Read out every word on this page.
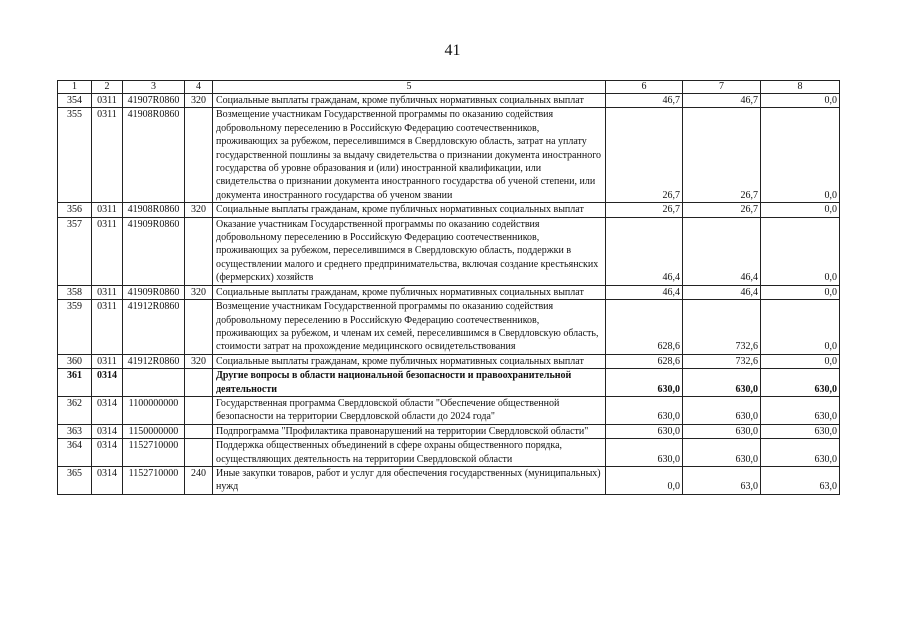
41
1	2	3	4	5	6	7	8
354	0311	41907R0860	320	Социальные выплаты гражданам, кроме публичных нормативных социальных выплат	46,7	46,7	0,0
355	0311	41908R0860		Возмещение участникам Государственной программы по оказанию содействия добровольному переселению в Российскую Федерацию соотечественников, проживающих за рубежом, переселившимся в Свердловскую область, затрат на уплату государственной пошлины за выдачу свидетельства о признании документа иностранного государства об уровне образования и (или) иностранной квалификации, или свидетельства о признании документа иностранного государства об ученой степени, или документа иностранного государства об ученом звании	26,7	26,7	0,0
356	0311	41908R0860	320	Социальные выплаты гражданам, кроме публичных нормативных социальных выплат	26,7	26,7	0,0
357	0311	41909R0860		Оказание участникам Государственной программы по оказанию содействия добровольному переселению в Российскую Федерацию соотечественников, проживающих за рубежом, переселившимся в Свердловскую область, поддержки в осуществлении малого и среднего предпринимательства, включая создание крестьянских (фермерских) хозяйств	46,4	46,4	0,0
358	0311	41909R0860	320	Социальные выплаты гражданам, кроме публичных нормативных социальных выплат	46,4	46,4	0,0
359	0311	41912R0860		Возмещение участникам Государственной программы по оказанию содействия добровольному переселению в Российскую Федерацию соотечественников, проживающих за рубежом, и членам их семей, переселившимся в Свердловскую область, стоимости затрат на прохождение медицинского освидетельствования	628,6	732,6	0,0
360	0311	41912R0860	320	Социальные выплаты гражданам, кроме публичных нормативных социальных выплат	628,6	732,6	0,0
361	0314			Другие вопросы в области национальной безопасности и правоохранительной деятельности	630,0	630,0	630,0
362	0314	1100000000		Государственная программа Свердловской области "Обеспечение общественной безопасности на территории Свердловской области до 2024 года"	630,0	630,0	630,0
363	0314	1150000000		Подпрограмма "Профилактика правонарушений на территории Свердловской области"	630,0	630,0	630,0
364	0314	1152710000		Поддержка общественных объединений в сфере охраны общественного порядка, осуществляющих деятельность на территории Свердловской области	630,0	630,0	630,0
365	0314	1152710000	240	Иные закупки товаров, работ и услуг для обеспечения государственных (муниципальных) нужд	0,0	63,0	63,0
